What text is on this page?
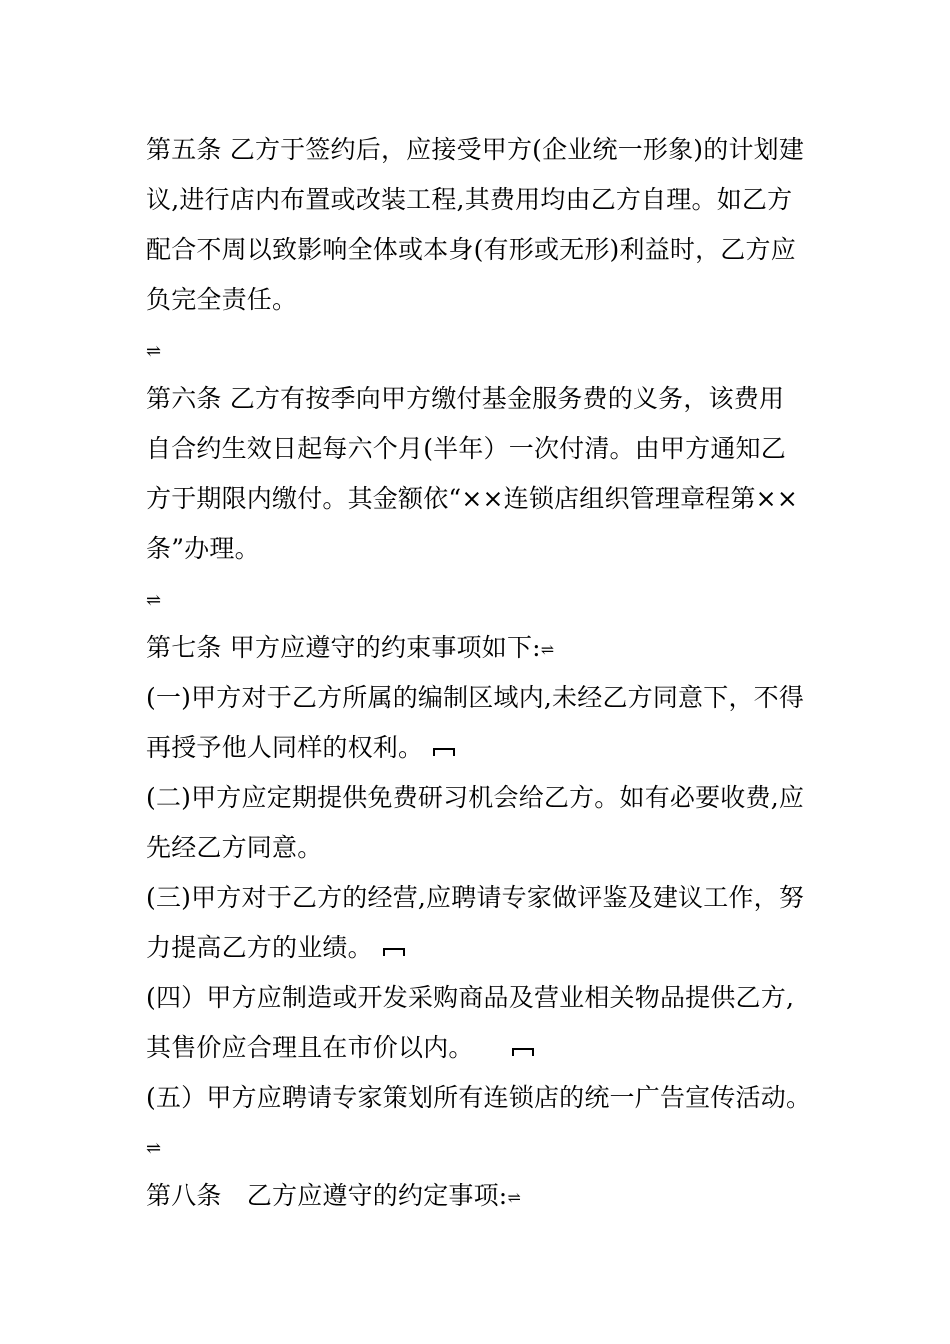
第五条 乙方于签约后，应接受甲方(企业统一形象)的计划建
议,进行店内布置或改装工程,其费用均由乙方自理。如乙方
配合不周以致影响全体或本身(有形或无形)利益时，乙方应
负完全责任。
⇌
第六条 乙方有按季向甲方缴付基金服务费的义务，该费用
自合约生效日起每六个月(半年）一次付清。由甲方通知乙
方于期限内缴付。其金额依“××连锁店组织管理章程第××
条”办理。
⇌
第七条 甲方应遵守的约束事项如下:⇌
(一)甲方对于乙方所属的编制区域内,未经乙方同意下，不得
再授予他人同样的权利。
(二)甲方应定期提供免费研习机会给乙方。如有必要收费,应
先经乙方同意。
(三)甲方对于乙方的经营,应聘请专家做评鉴及建议工作，努
力提高乙方的业绩。
(四）甲方应制造或开发采购商品及营业相关物品提供乙方,
其售价应合理且在市价以内。
(五）甲方应聘请专家策划所有连锁店的统一广告宣传活动。
⇌
第八条　乙方应遵守的约定事项:⇌
